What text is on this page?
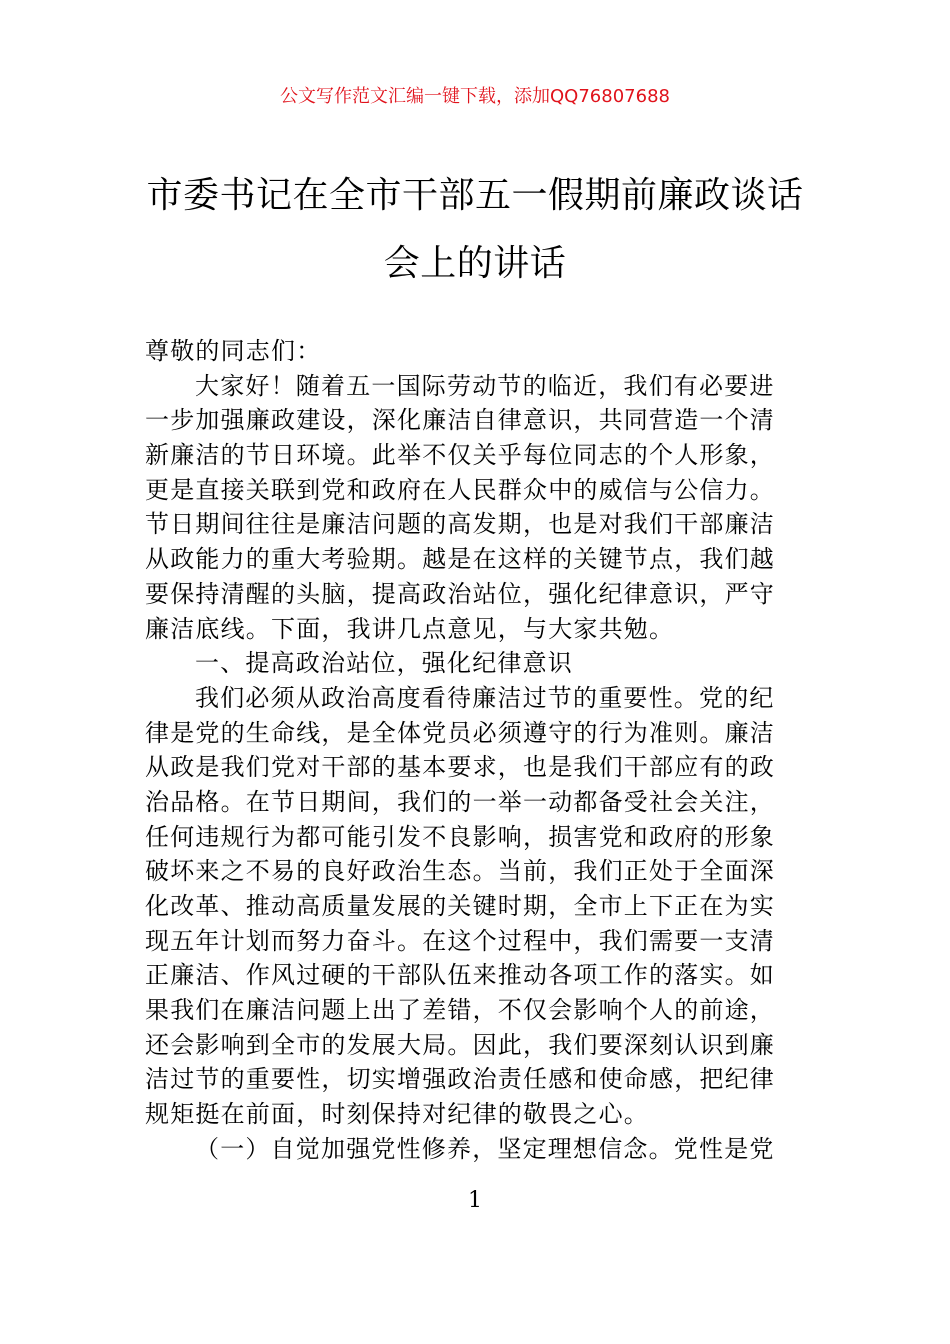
公文写作范文汇编一键下载，添加QQ76807688
市委书记在全市干部五一假期前廉政谈话
会上的讲话
尊敬的同志们：
大家好！随着五一国际劳动节的临近，我们有必要进
一步加强廉政建设，深化廉洁自律意识，共同营造一个清
新廉洁的节日环境。此举不仅关乎每位同志的个人形象，
更是直接关联到党和政府在人民群众中的威信与公信力。
节日期间往往是廉洁问题的高发期，也是对我们干部廉洁
从政能力的重大考验期。越是在这样的关键节点，我们越
要保持清醒的头脑，提高政治站位，强化纪律意识，严守
廉洁底线。下面，我讲几点意见，与大家共勉。
一、提高政治站位，强化纪律意识
我们必须从政治高度看待廉洁过节的重要性。党的纪
律是党的生命线，是全体党员必须遵守的行为准则。廉洁
从政是我们党对干部的基本要求，也是我们干部应有的政
治品格。在节日期间，我们的一举一动都备受社会关注，
任何违规行为都可能引发不良影响，损害党和政府的形象
破坏来之不易的良好政治生态。当前，我们正处于全面深
化改革、推动高质量发展的关键时期，全市上下正在为实
现五年计划而努力奋斗。在这个过程中，我们需要一支清
正廉洁、作风过硬的干部队伍来推动各项工作的落实。如
果我们在廉洁问题上出了差错，不仅会影响个人的前途，
还会影响到全市的发展大局。因此，我们要深刻认识到廉
洁过节的重要性，切实增强政治责任感和使命感，把纪律
规矩挺在前面，时刻保持对纪律的敬畏之心。
（一）自觉加强党性修养，坚定理想信念。党性是党
1
